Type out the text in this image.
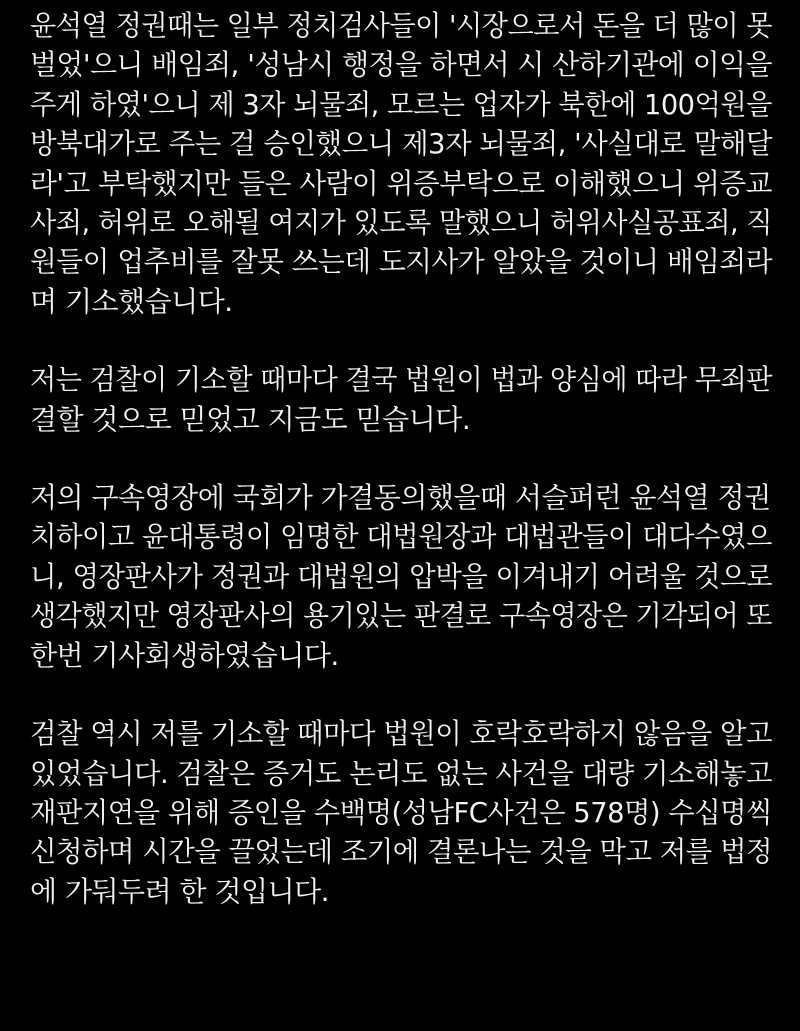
윤석열 정권때는 일부 정치검사들이 '시장으로서 돈을 더 많이 못
벌었'으니 배임죄, '성남시 행정을 하면서 시 산하기관에 이익을
주게 하였'으니 제 3자 뇌물죄, 모르는 업자가 북한에 100억원을
방북대가로 주는 걸 승인했으니 제3자 뇌물죄, '사실대로 말해달
라'고 부탁했지만 들은 사람이 위증부탁으로 이해했으니 위증교
사죄, 허위로 오해될 여지가 있도록 말했으니 허위사실공표죄, 직
원들이 업추비를 잘못 쓰는데 도지사가 알았을 것이니 배임죄라
며 기소했습니다.
저는 검찰이 기소할 때마다 결국 법원이 법과 양심에 따라 무죄판
결할 것으로 믿었고 지금도 믿습니다.
저의 구속영장에 국회가 가결동의했을때 서슬퍼런 윤석열 정권
치하이고 윤대통령이 임명한 대법원장과 대법관들이 대다수였으
니, 영장판사가 정권과 대법원의 압박을 이겨내기 어려울 것으로
생각했지만 영장판사의 용기있는 판결로 구속영장은 기각되어 또
한번 기사회생하였습니다.
검찰 역시 저를 기소할 때마다 법원이 호락호락하지 않음을 알고
있었습니다. 검찰은 증거도 논리도 없는 사건을 대량 기소해놓고
재판지연을 위해 증인을 수백명(성남FC사건은 578명) 수십명씩
신청하며 시간을 끌었는데 조기에 결론나는 것을 막고 저를 법정
에 가둬두려 한 것입니다.
